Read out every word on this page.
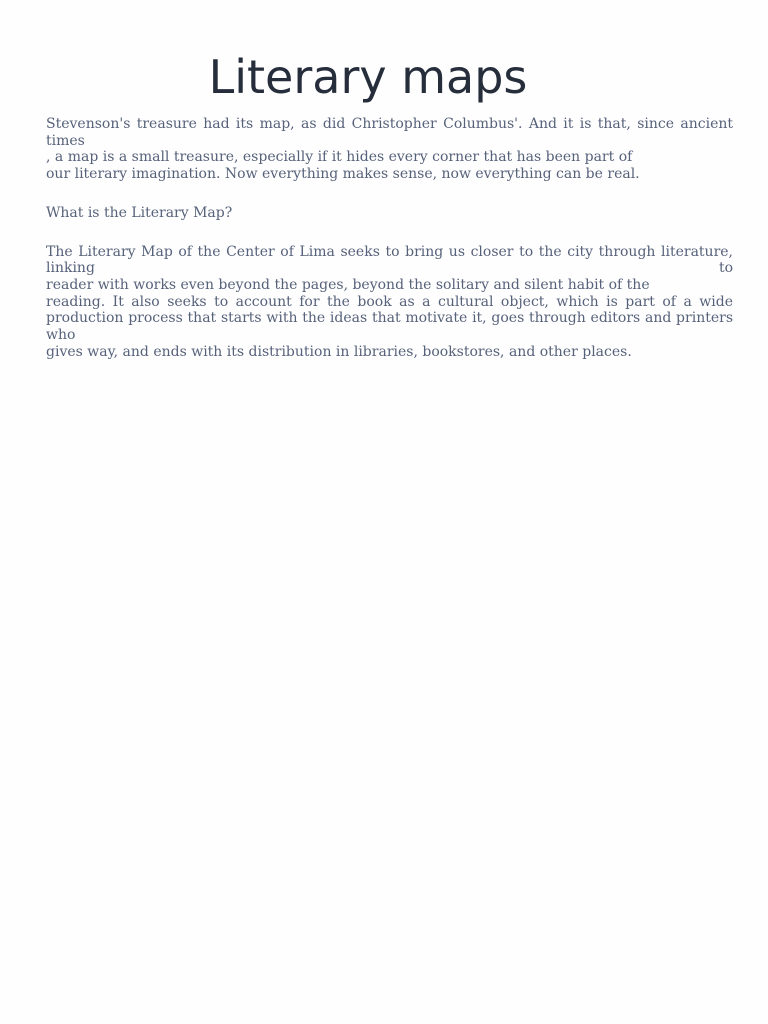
Literary maps

Stevenson's treasure had its map, as did Christopher Columbus'. And it is that, since ancient times
, a map is a small treasure, especially if it hides every corner that has been part of
our literary imagination. Now everything makes sense, now everything can be real.

What is the Literary Map?

The Literary Map of the Center of Lima seeks to bring us closer to the city through literature, linking to
reader with works even beyond the pages, beyond the solitary and silent habit of the
reading. It also seeks to account for the book as a cultural object, which is part of a wide
production process that starts with the ideas that motivate it, goes through editors and printers who
gives way, and ends with its distribution in libraries, bookstores, and other places.
